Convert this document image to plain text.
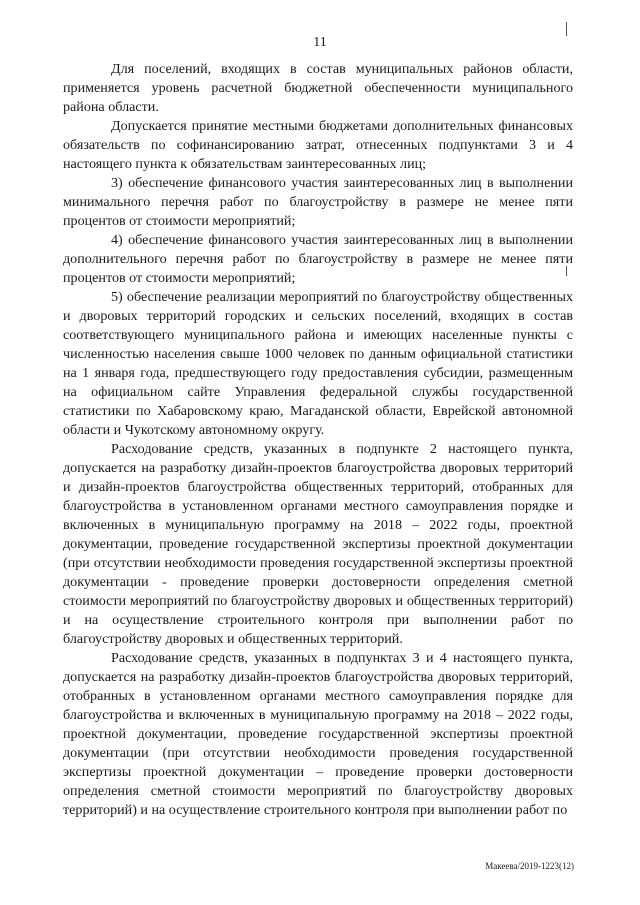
11

Для поселений, входящих в состав муниципальных районов области, применяется уровень расчетной бюджетной обеспеченности муниципального района области.

Допускается принятие местными бюджетами дополнительных финансовых обязательств по софинансированию затрат, отнесенных подпунктами 3 и 4 настоящего пункта к обязательствам заинтересованных лиц;

3) обеспечение финансового участия заинтересованных лиц в выполнении минимального перечня работ по благоустройству в размере не менее пяти процентов от стоимости мероприятий;

4) обеспечение финансового участия заинтересованных лиц в выполнении дополнительного перечня работ по благоустройству в размере не менее пяти процентов от стоимости мероприятий;

5) обеспечение реализации мероприятий по благоустройству общественных и дворовых территорий городских и сельских поселений, входящих в состав соответствующего муниципального района и имеющих населенные пункты с численностью населения свыше 1000 человек по данным официальной статистики на 1 января года, предшествующего году предоставления субсидии, размещенным на официальном сайте Управления федеральной службы государственной статистики по Хабаровскому краю, Магаданской области, Еврейской автономной области и Чукотскому автономному округу.

Расходование средств, указанных в подпункте 2 настоящего пункта, допускается на разработку дизайн-проектов благоустройства дворовых территорий и дизайн-проектов благоустройства общественных территорий, отобранных для благоустройства в установленном органами местного самоуправления порядке и включенных в муниципальную программу на 2018 – 2022 годы, проектной документации, проведение государственной экспертизы проектной документации (при отсутствии необходимости проведения государственной экспертизы проектной документации - проведение проверки достоверности определения сметной стоимости мероприятий по благоустройству дворовых и общественных территорий) и на осуществление строительного контроля при выполнении работ по благоустройству дворовых и общественных территорий.

Расходование средств, указанных в подпунктах 3 и 4 настоящего пункта, допускается на разработку дизайн-проектов благоустройства дворовых территорий, отобранных в установленном органами местного самоуправления порядке для благоустройства и включенных в муниципальную программу на 2018 – 2022 годы, проектной документации, проведение государственной экспертизы проектной документации (при отсутствии необходимости проведения государственной экспертизы проектной документации – проведение проверки достоверности определения сметной стоимости мероприятий по благоустройству дворовых территорий) и на осуществление строительного контроля при выполнении работ по

Макеева/2019-1223(12)
